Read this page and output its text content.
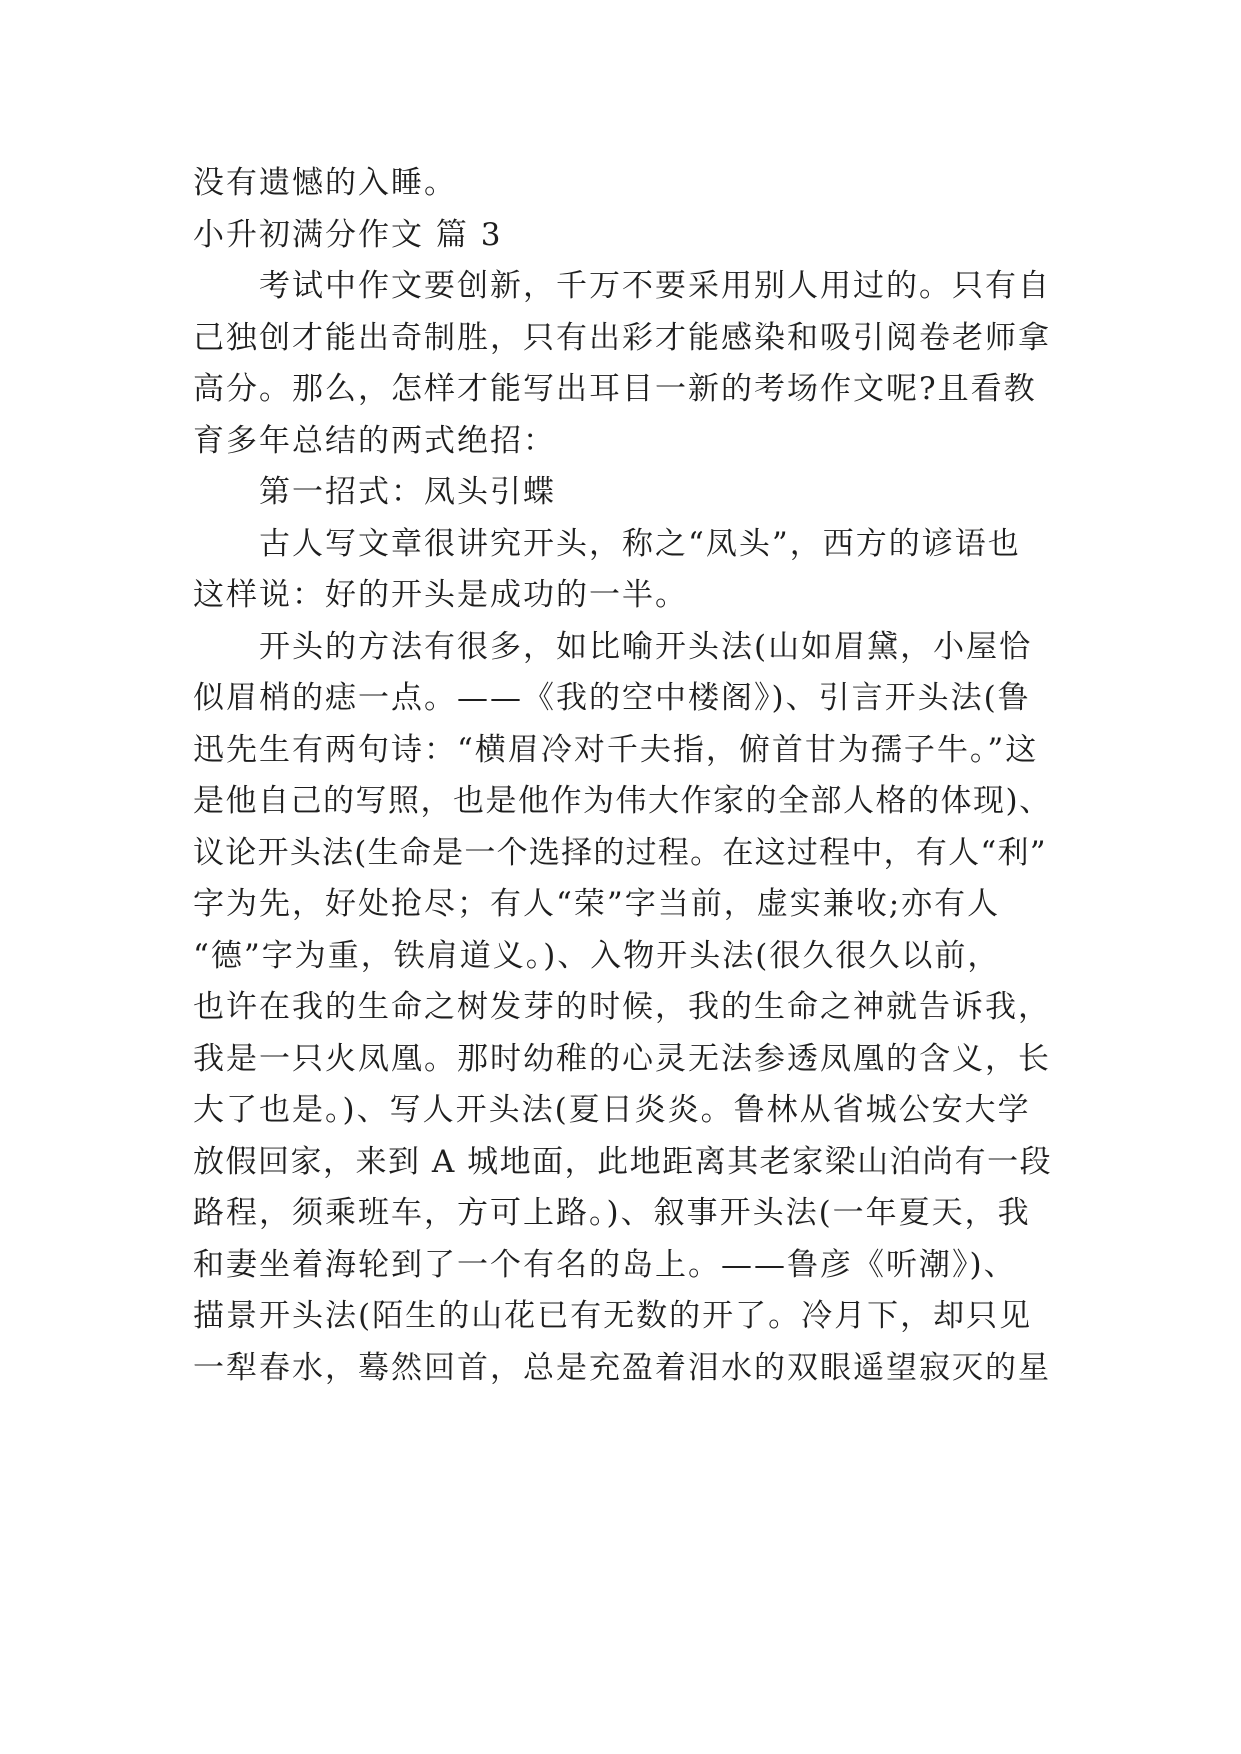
没有遗憾的入睡。
小升初满分作文 篇 3
考试中作文要创新，千万不要采用别人用过的。只有自
己独创才能出奇制胜，只有出彩才能感染和吸引阅卷老师拿
高分。那么，怎样才能写出耳目一新的考场作文呢?且看教
育多年总结的两式绝招：
第一招式：凤头引蝶
古人写文章很讲究开头，称之“凤头”，西方的谚语也
这样说：好的开头是成功的一半。
开头的方法有很多，如比喻开头法(山如眉黛，小屋恰
似眉梢的痣一点。——《我的空中楼阁》)、引言开头法(鲁
迅先生有两句诗：“横眉冷对千夫指，俯首甘为孺子牛。”这
是他自己的写照，也是他作为伟大作家的全部人格的体现)、
议论开头法(生命是一个选择的过程。在这过程中，有人“利”
字为先，好处抢尽；有人“荣”字当前，虚实兼收;亦有人
“德”字为重，铁肩道义。)、入物开头法(很久很久以前，
也许在我的生命之树发芽的时候，我的生命之神就告诉我，
我是一只火凤凰。那时幼稚的心灵无法参透凤凰的含义，长
大了也是。)、写人开头法(夏日炎炎。鲁林从省城公安大学
放假回家，来到 A 城地面，此地距离其老家梁山泊尚有一段
路程，须乘班车，方可上路。)、叙事开头法(一年夏天，我
和妻坐着海轮到了一个有名的岛上。——鲁彦《听潮》)、
描景开头法(陌生的山花已有无数的开了。冷月下，却只见
一犁春水，蓦然回首，总是充盈着泪水的双眼遥望寂灭的星
